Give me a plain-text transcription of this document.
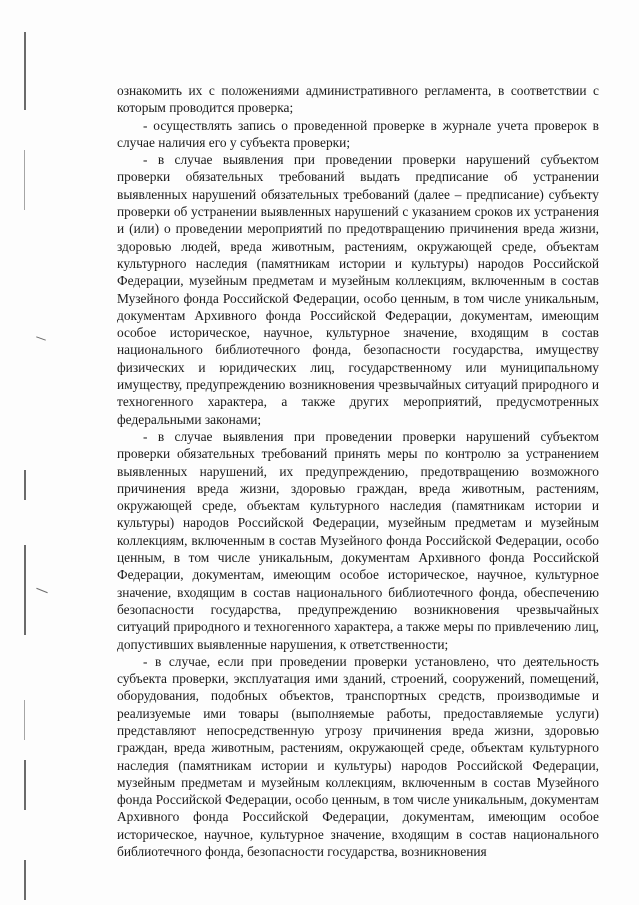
ознакомить их с положениями административного регламента, в соответствии с которым проводится проверка;

- осуществлять запись о проведенной проверке в журнале учета проверок в случае наличия его у субъекта проверки;

- в случае выявления при проведении проверки нарушений субъектом проверки обязательных требований выдать предписание об устранении выявленных нарушений обязательных требований (далее – предписание) субъекту проверки об устранении выявленных нарушений с указанием сроков их устранения и (или) о проведении мероприятий по предотвращению причинения вреда жизни, здоровью людей, вреда животным, растениям, окружающей среде, объектам культурного наследия (памятникам истории и культуры) народов Российской Федерации, музейным предметам и музейным коллекциям, включенным в состав Музейного фонда Российской Федерации, особо ценным, в том числе уникальным, документам Архивного фонда Российской Федерации, документам, имеющим особое историческое, научное, культурное значение, входящим в состав национального библиотечного фонда, безопасности государства, имуществу физических и юридических лиц, государственному или муниципальному имуществу, предупреждению возникновения чрезвычайных ситуаций природного и техногенного характера, а также других мероприятий, предусмотренных федеральными законами;

- в случае выявления при проведении проверки нарушений субъектом проверки обязательных требований принять меры по контролю за устранением выявленных нарушений, их предупреждению, предотвращению возможного причинения вреда жизни, здоровью граждан, вреда животным, растениям, окружающей среде, объектам культурного наследия (памятникам истории и культуры) народов Российской Федерации, музейным предметам и музейным коллекциям, включенным в состав Музейного фонда Российской Федерации, особо ценным, в том числе уникальным, документам Архивного фонда Российской Федерации, документам, имеющим особое историческое, научное, культурное значение, входящим в состав национального библиотечного фонда, обеспечению безопасности государства, предупреждению возникновения чрезвычайных ситуаций природного и техногенного характера, а также меры по привлечению лиц, допустивших выявленные нарушения, к ответственности;

- в случае, если при проведении проверки установлено, что деятельность субъекта проверки, эксплуатация ими зданий, строений, сооружений, помещений, оборудования, подобных объектов, транспортных средств, производимые и реализуемые ими товары (выполняемые работы, предоставляемые услуги) представляют непосредственную угрозу причинения вреда жизни, здоровью граждан, вреда животным, растениям, окружающей среде, объектам культурного наследия (памятникам истории и культуры) народов Российской Федерации, музейным предметам и музейным коллекциям, включенным в состав Музейного фонда Российской Федерации, особо ценным, в том числе уникальным, документам Архивного фонда Российской Федерации, документам, имеющим особое историческое, научное, культурное значение, входящим в состав национального библиотечного фонда, безопасности государства, возникновения
